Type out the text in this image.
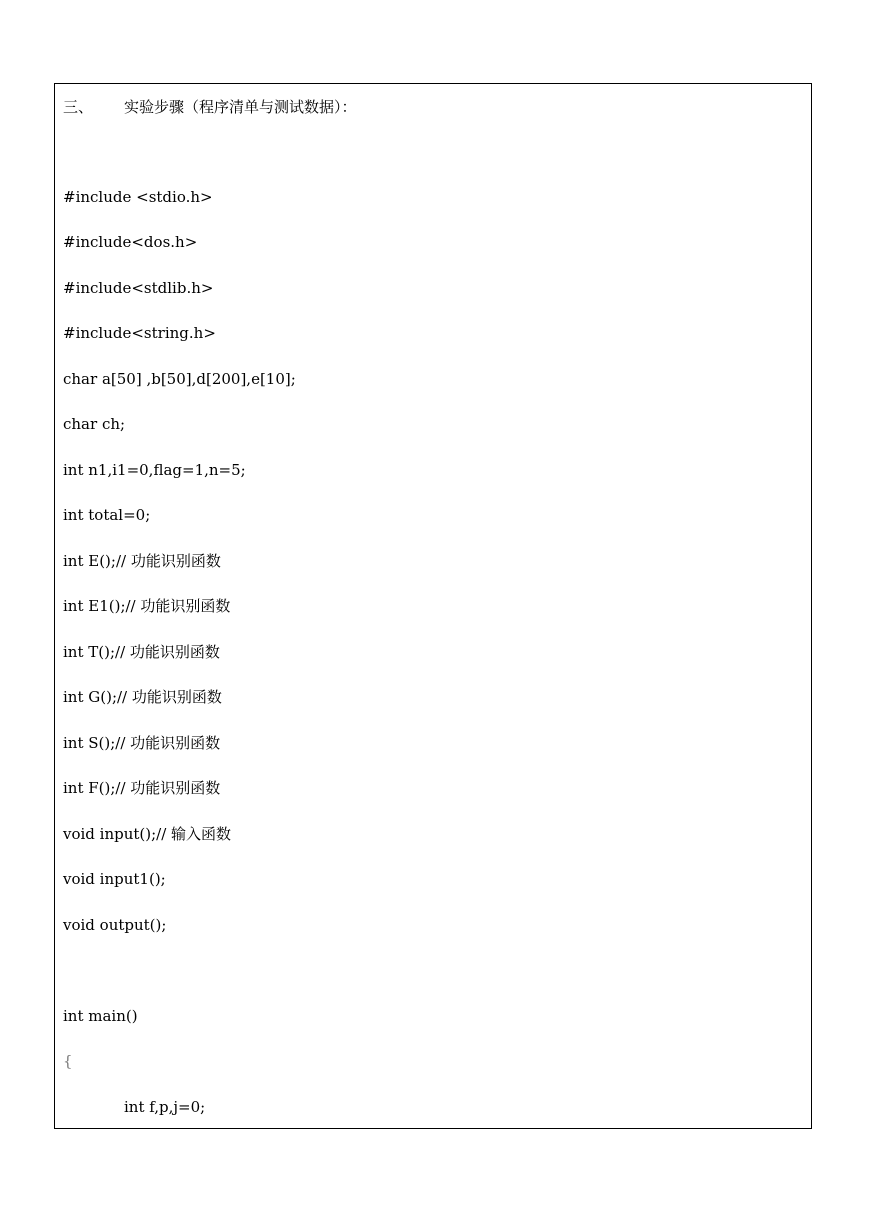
三、 实验步骤（程序清单与测试数据）：
#include <stdio.h>
#include<dos.h>
#include<stdlib.h>
#include<string.h>
char a[50] ,b[50],d[200],e[10];
char ch;
int n1,i1=0,flag=1,n=5;
int total=0;
int E();// 功能识别函数
int E1();// 功能识别函数
int T();// 功能识别函数
int G();// 功能识别函数
int S();// 功能识别函数
int F();// 功能识别函数
void input();// 输入函数
void input1();
void output();
int main()
{
int f,p,j=0;
